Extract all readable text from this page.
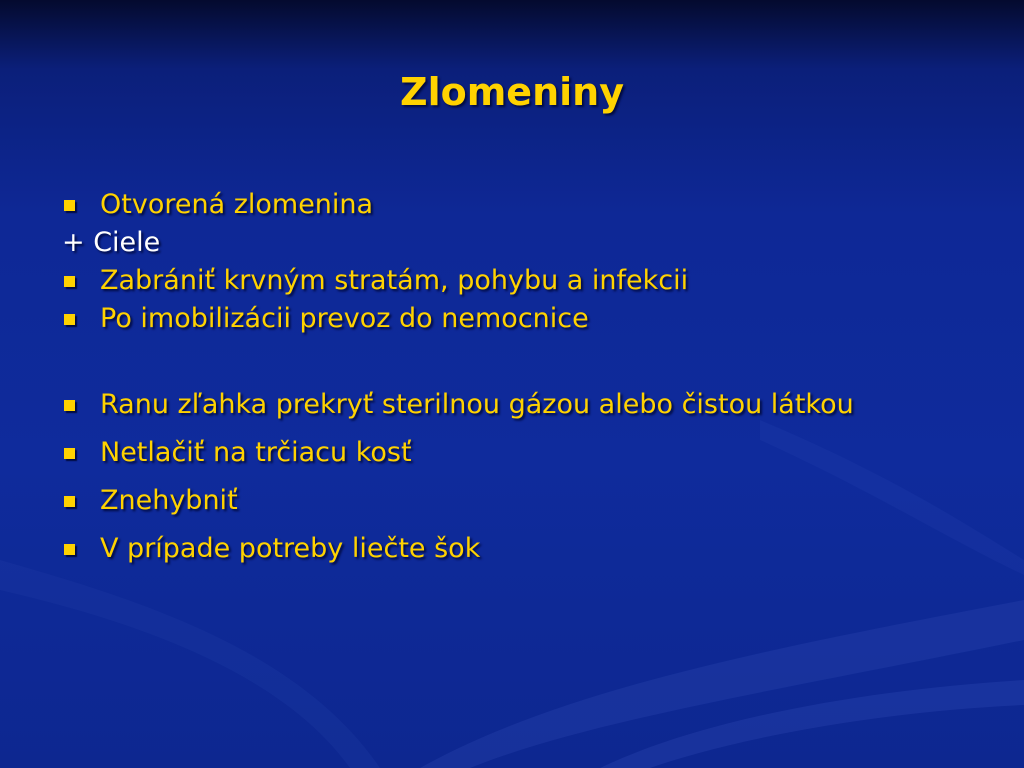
Zlomeniny
Otvorená zlomenina
+ Ciele
Zabrániť krvným stratám, pohybu a infekcii
Po imobilizácii prevoz do nemocnice
Ranu zľahka prekryť sterilnou gázou alebo čistou látkou
Netlačiť na trčiacu kosť
Znehybniť
V prípade potreby liečte šok
